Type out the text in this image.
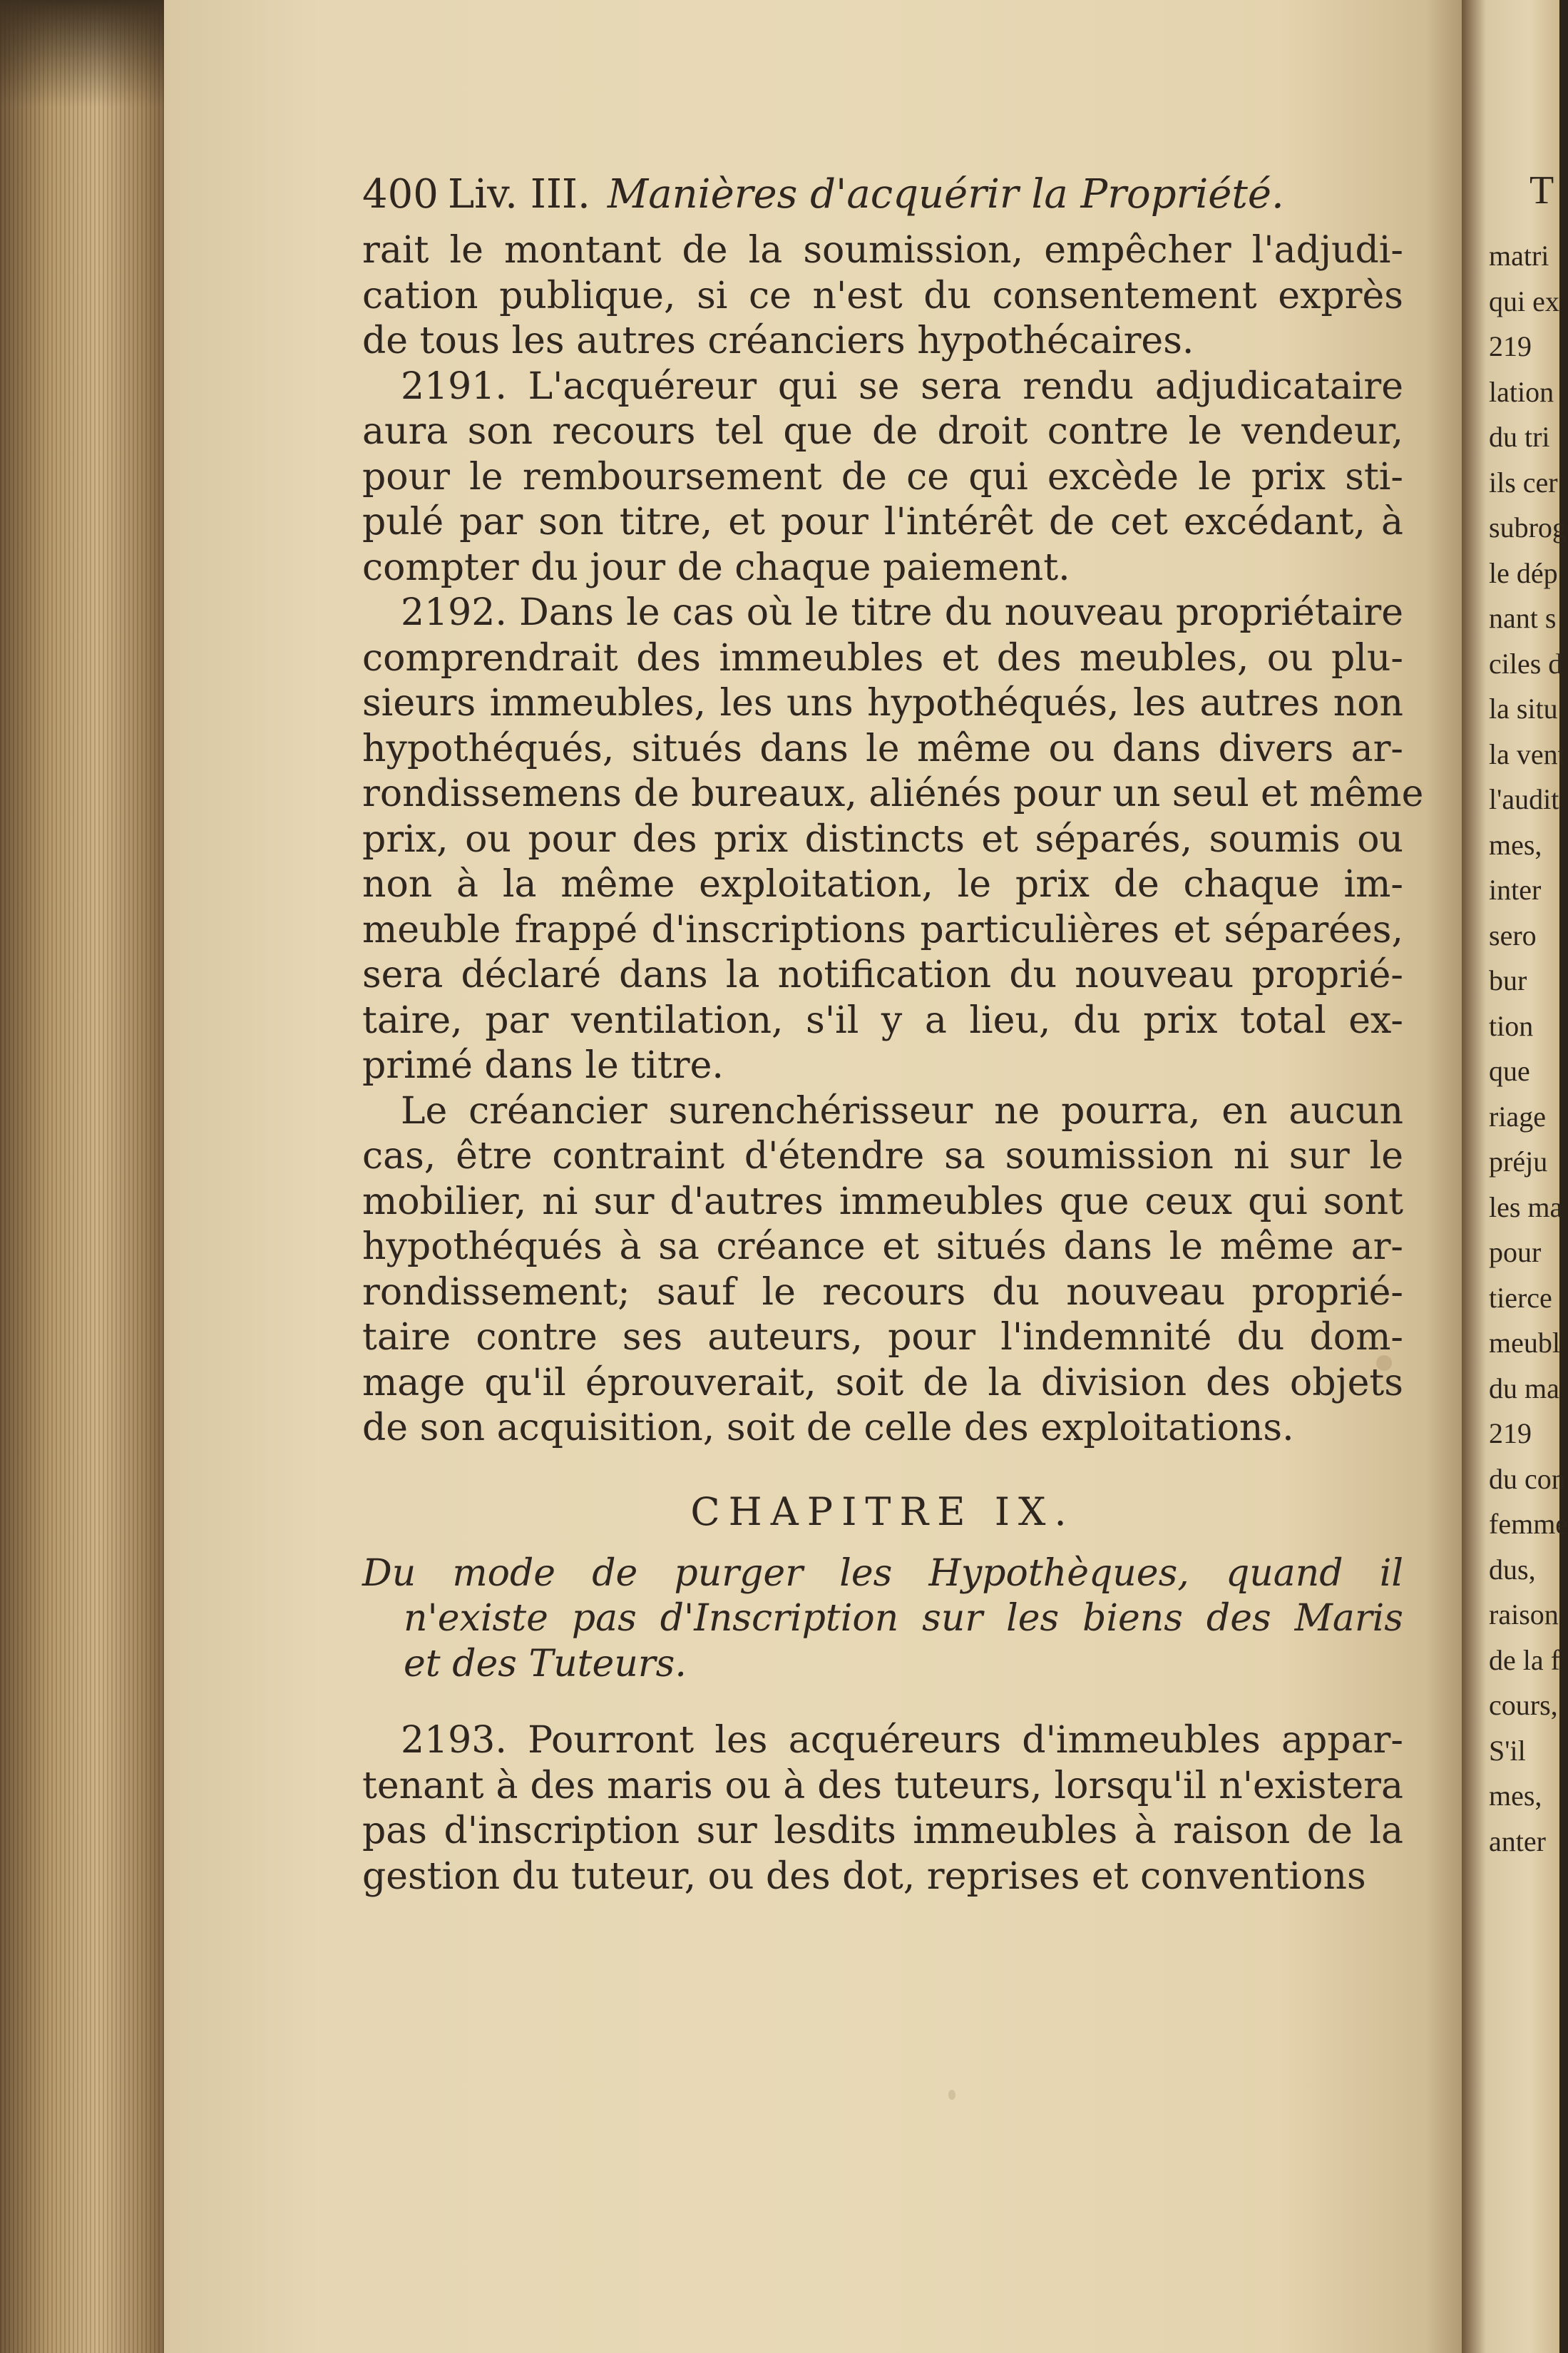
T
matri
qui ex
219
lation
du tri
ils cer
subrog
le dép
nant s
ciles d
la situ
la vent
l'audit
mes,
inter
sero
bur
tion
que
riage
préju
les ma
pour
tierce
meubl
du ma
219
du con
femme
dus,
raison
de la f
cours,
S'il
mes,
anter
400 Liv. III. Manières d'acquérir la Propriété.
rait le montant de la soumission, empêcher l'adjudi-
cation publique, si ce n'est du consentement exprès
de tous les autres créanciers hypothécaires.
2191. L'acquéreur qui se sera rendu adjudicataire
aura son recours tel que de droit contre le vendeur,
pour le remboursement de ce qui excède le prix sti-
pulé par son titre, et pour l'intérêt de cet excédant, à
compter du jour de chaque paiement.
2192. Dans le cas où le titre du nouveau propriétaire
comprendrait des immeubles et des meubles, ou plu-
sieurs immeubles, les uns hypothéqués, les autres non
hypothéqués, situés dans le même ou dans divers ar-
rondissemens de bureaux, aliénés pour un seul et même
prix, ou pour des prix distincts et séparés, soumis ou
non à la même exploitation, le prix de chaque im-
meuble frappé d'inscriptions particulières et séparées,
sera déclaré dans la notification du nouveau proprié-
taire, par ventilation, s'il y a lieu, du prix total ex-
primé dans le titre.
Le créancier surenchérisseur ne pourra, en aucun
cas, être contraint d'étendre sa soumission ni sur le
mobilier, ni sur d'autres immeubles que ceux qui sont
hypothéqués à sa créance et situés dans le même ar-
rondissement; sauf le recours du nouveau proprié-
taire contre ses auteurs, pour l'indemnité du dom-
mage qu'il éprouverait, soit de la division des objets
de son acquisition, soit de celle des exploitations.
CHAPITRE IX.
Du mode de purger les Hypothèques, quand il
n'existe pas d'Inscription sur les biens des Maris
et des Tuteurs.
2193. Pourront les acquéreurs d'immeubles appar-
tenant à des maris ou à des tuteurs, lorsqu'il n'existera
pas d'inscription sur lesdits immeubles à raison de la
gestion du tuteur, ou des dot, reprises et conventions
